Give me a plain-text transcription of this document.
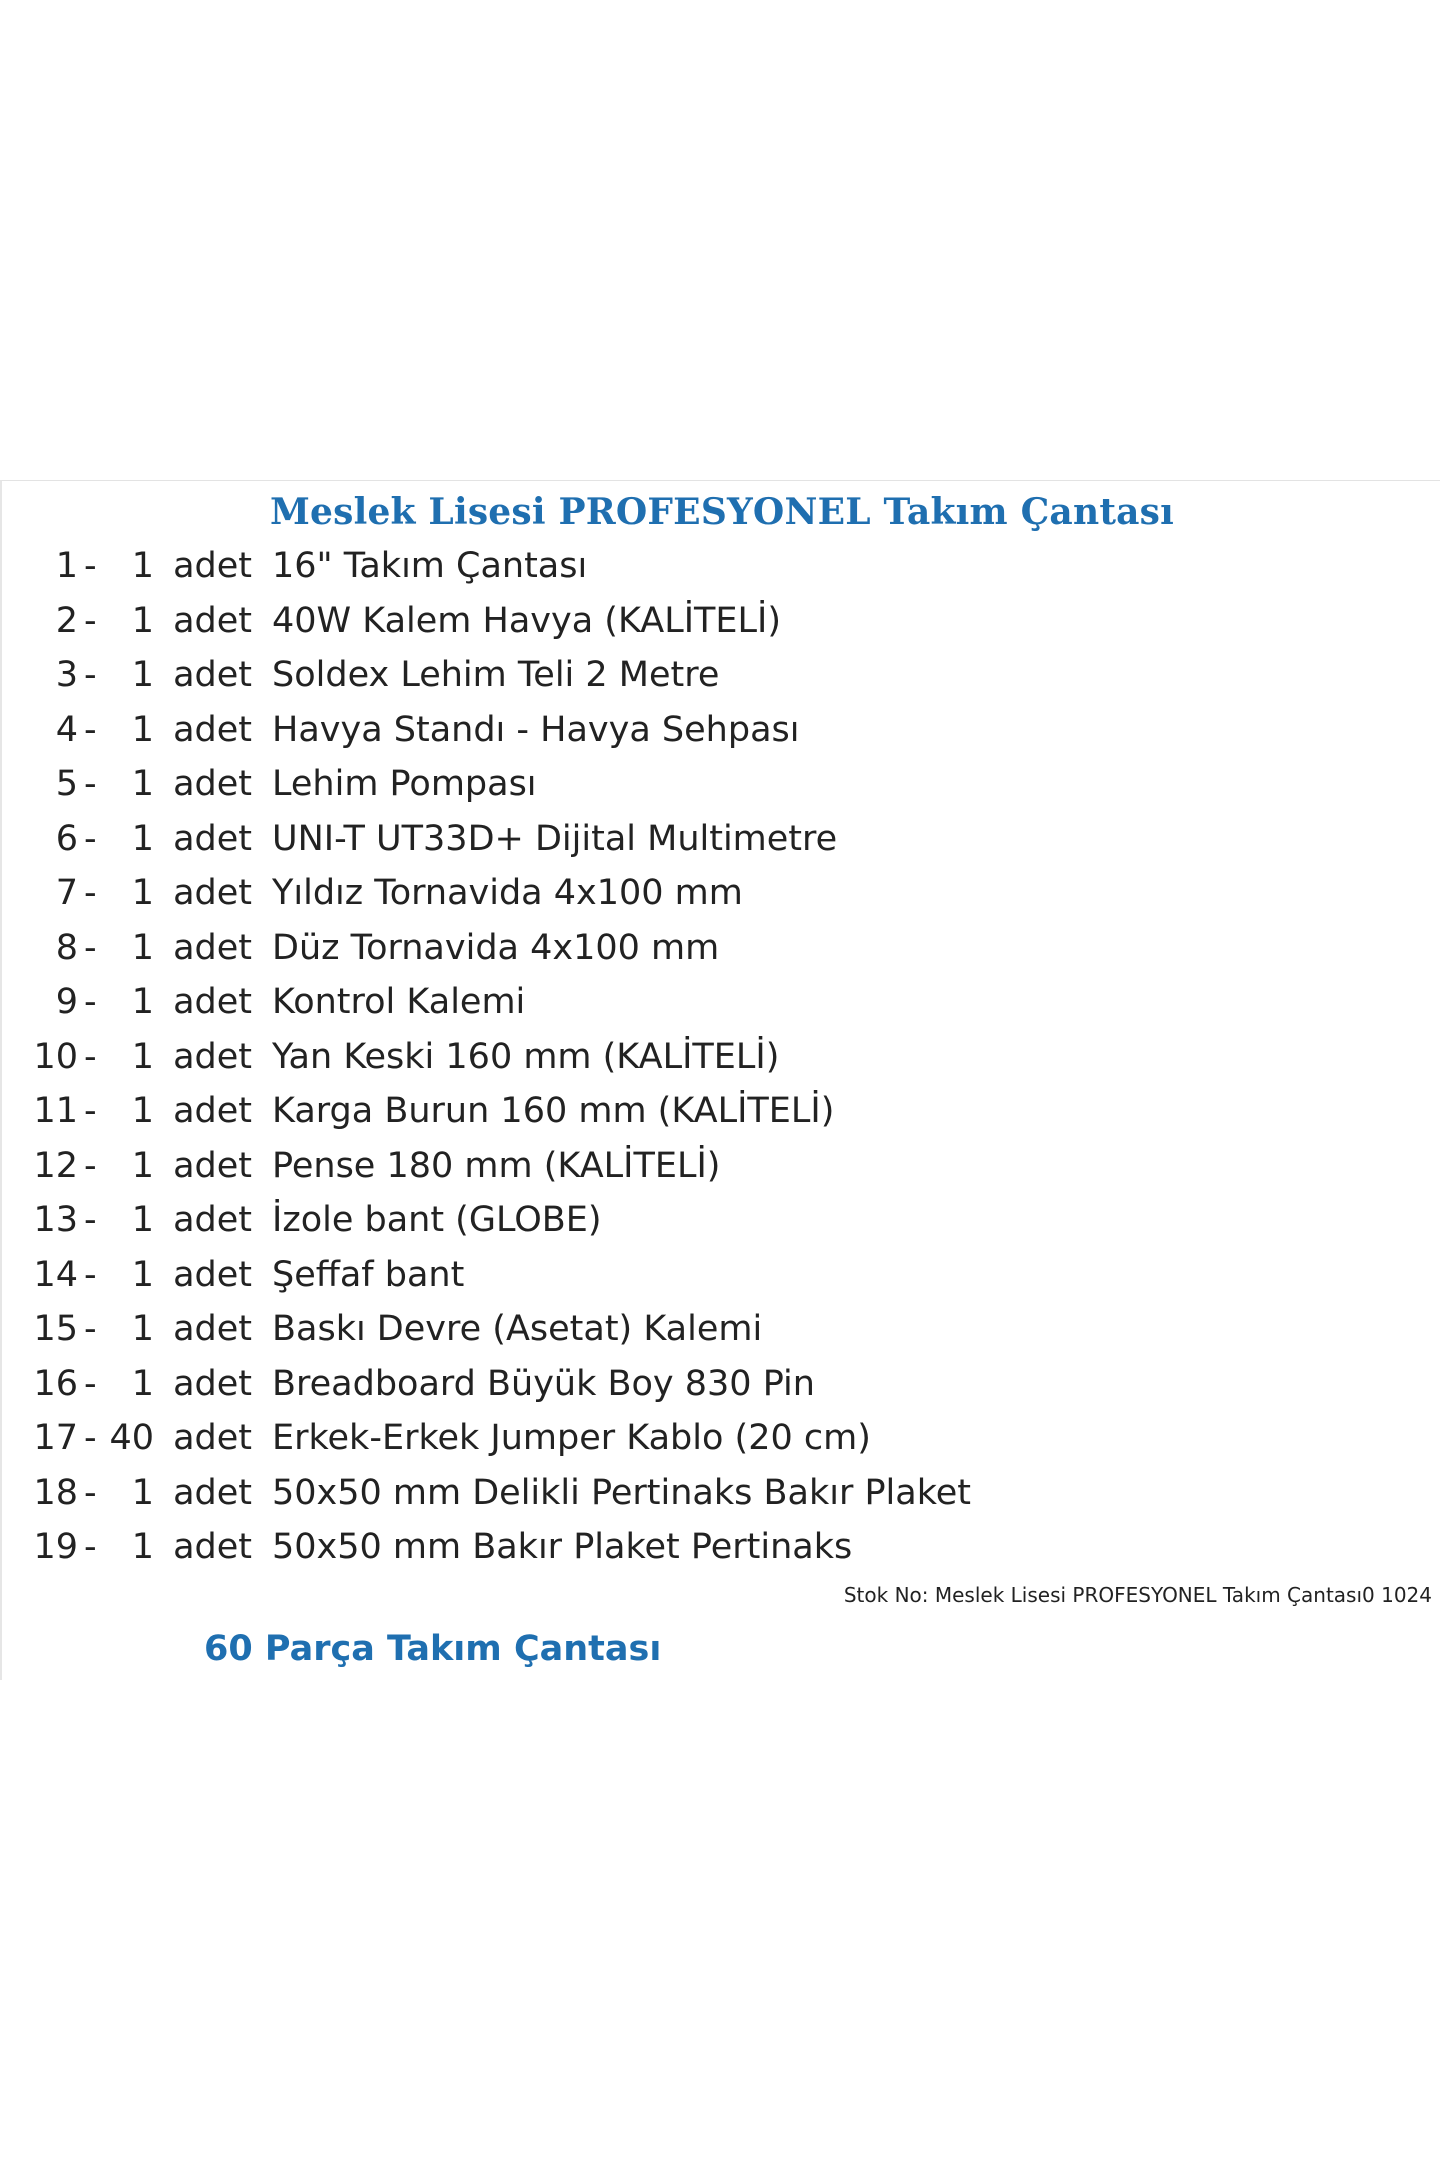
Meslek Lisesi PROFESYONEL Takım Çantası
1 -	1 adet 16" Takım Çantası
2 -	1 adet 40W Kalem Havya (KALİTELİ)
3 -	1 adet Soldex Lehim Teli 2 Metre
4 -	1 adet Havya Standı - Havya Sehpası
5 -	1 adet Lehim Pompası
6 -	1 adet UNI-T UT33D+ Dijital Multimetre
7 -	1 adet Yıldız Tornavida 4x100 mm
8 -	1 adet Düz Tornavida 4x100 mm
9 -	1 adet Kontrol Kalemi
10 -	1 adet Yan Keski 160 mm (KALİTELİ)
11 -	1 adet Karga Burun 160 mm (KALİTELİ)
12 -	1 adet Pense 180 mm (KALİTELİ)
13 -	1 adet İzole bant (GLOBE)
14 -	1 adet Şeffaf bant
15 -	1 adet Baskı Devre (Asetat) Kalemi
16 -	1 adet Breadboard Büyük Boy 830 Pin
17 - 40 adet Erkek-Erkek Jumper Kablo (20 cm)
18 -	1 adet 50x50 mm Delikli Pertinaks Bakır Plaket
19 -	1 adet 50x50 mm Bakır Plaket Pertinaks
Stok No: Meslek Lisesi PROFESYONEL Takım Çantası0 1024
60 Parça Takım Çantası
